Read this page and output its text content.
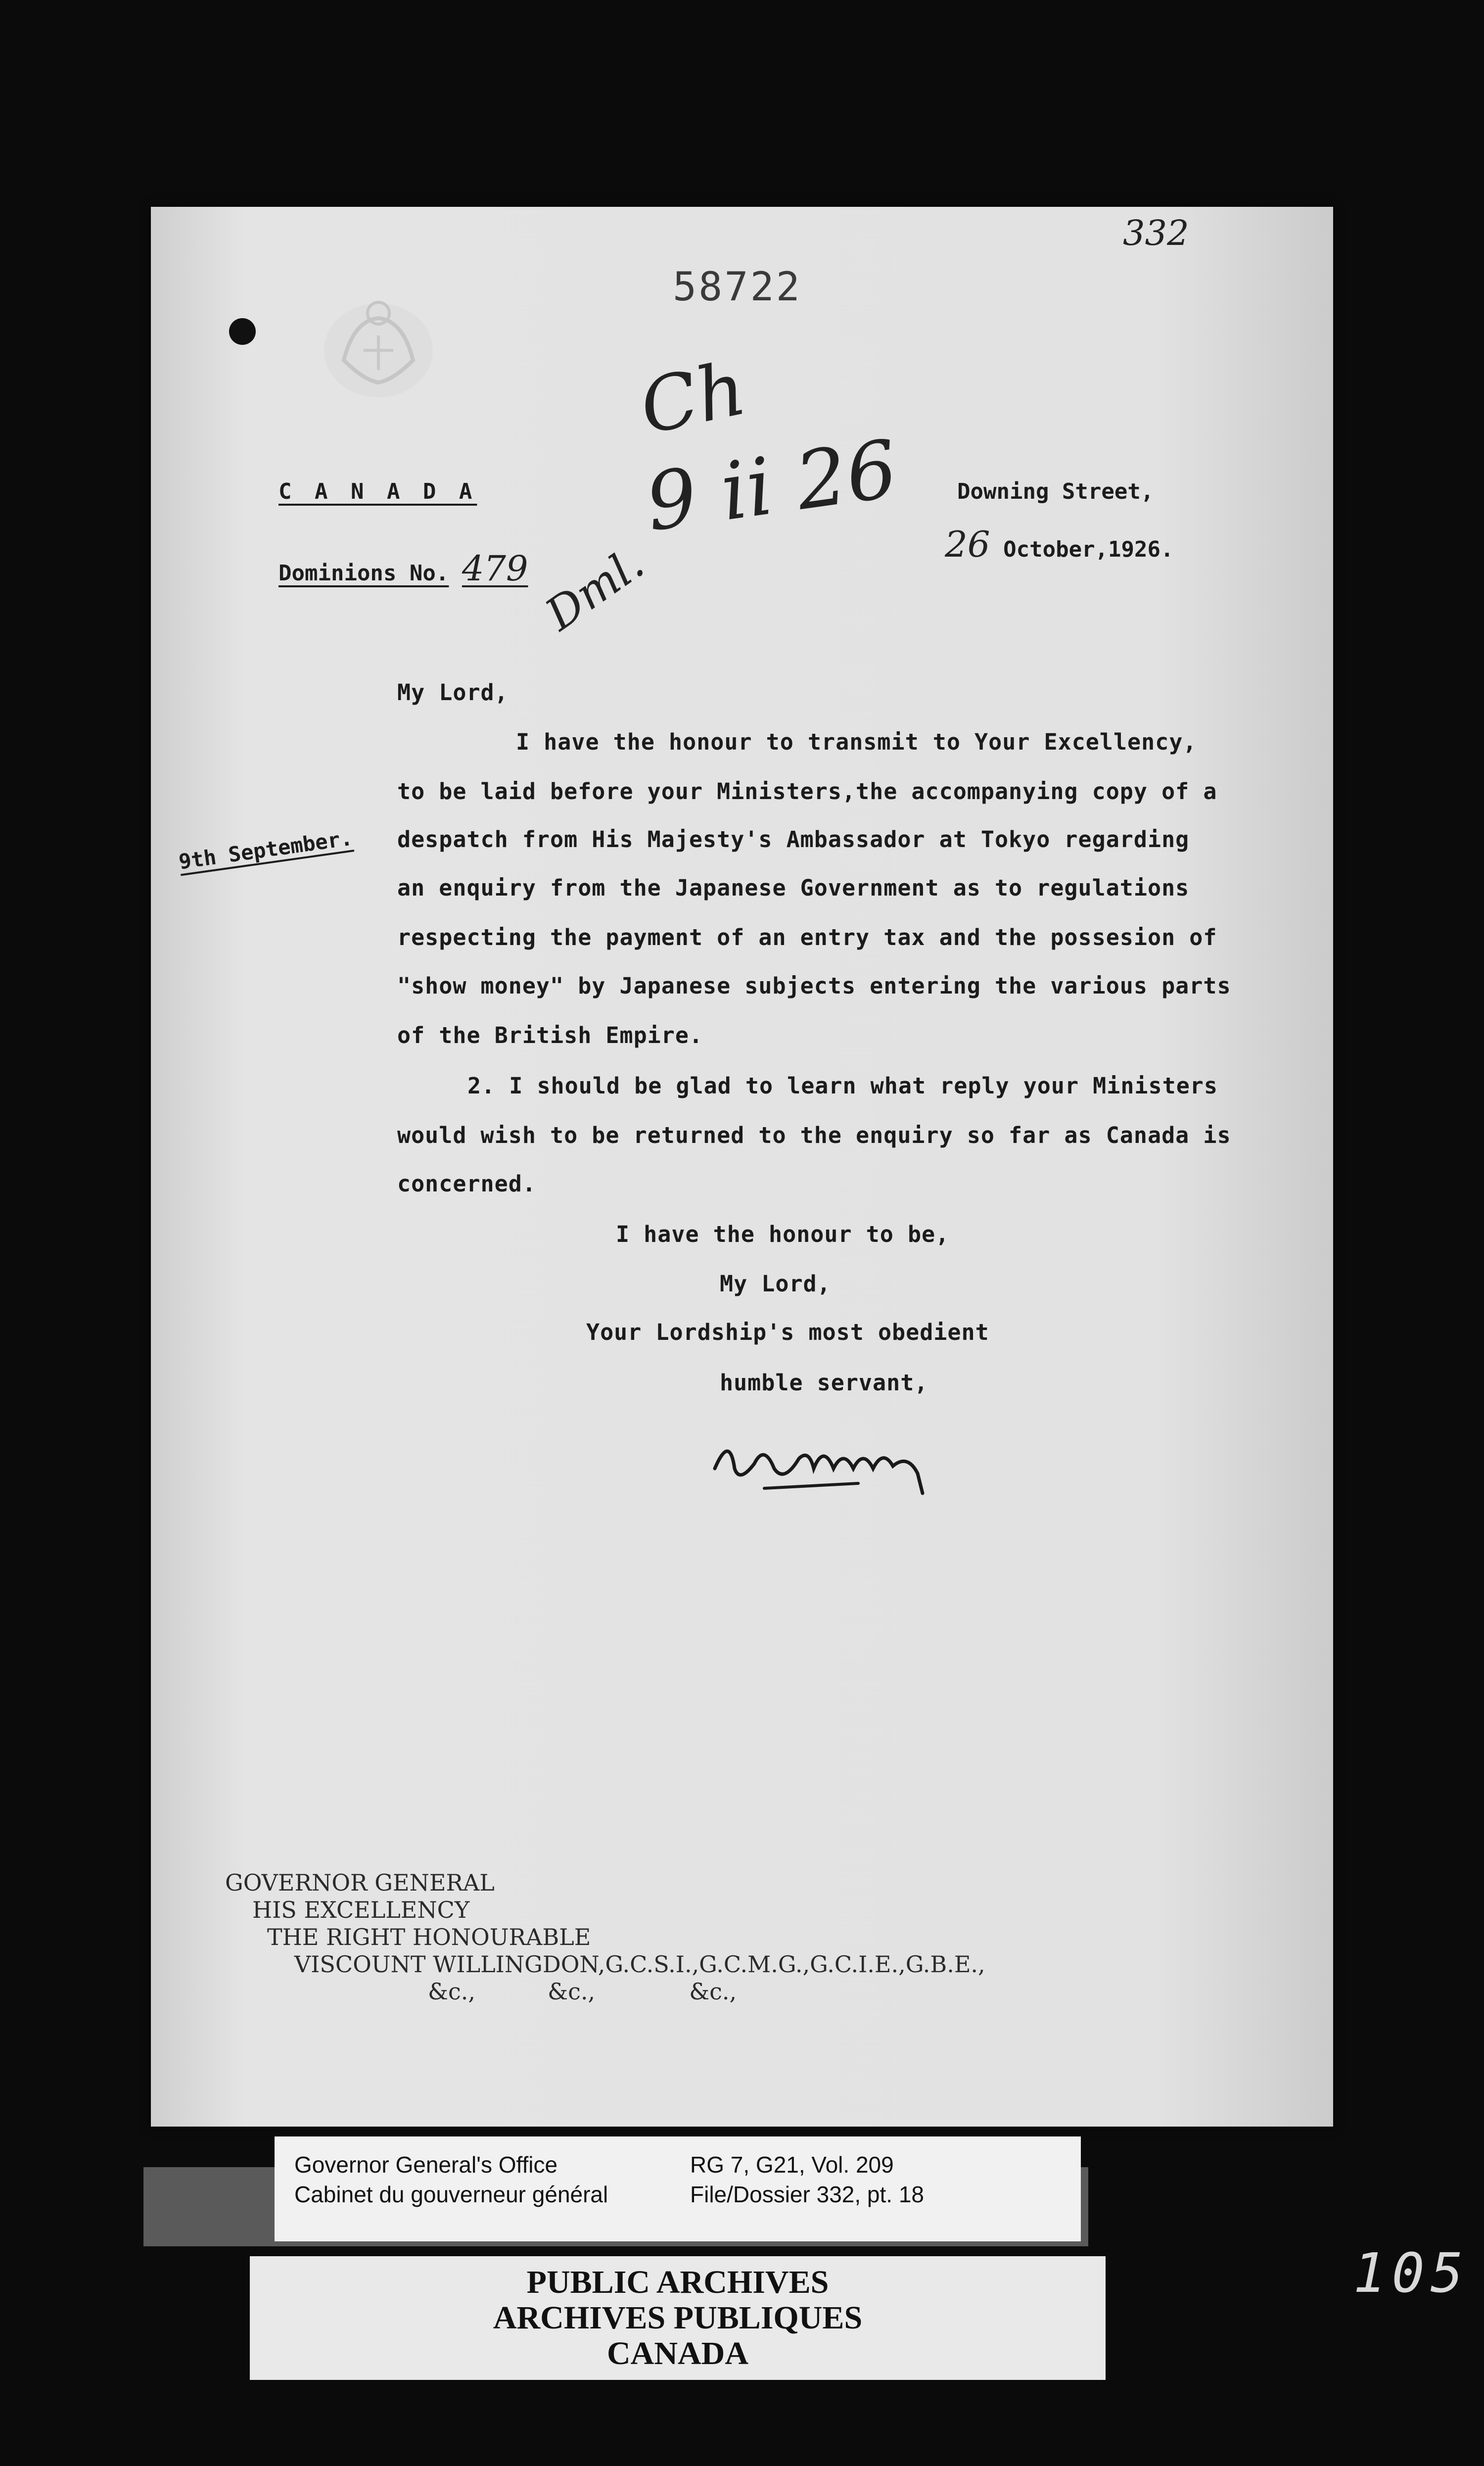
332
58722
Ch
9 ii 26
Dml.
C A N A D A
Dominions No. 479
Downing Street,
26 October,1926.
9th September.
My Lord,
I have the honour to transmit to Your Excellency,
to be laid before your Ministers,the accompanying copy of a
despatch from His Majesty's Ambassador at Tokyo regarding
an enquiry from the Japanese Government as to regulations
respecting the payment of an entry tax and the possesion of
"show money" by Japanese subjects entering the various parts
of the British Empire.
2. I should be glad to learn what reply your Ministers
would wish to be returned to the enquiry so far as Canada is
concerned.
I have the honour to be,
My Lord,
Your Lordship's most obedient
humble servant,
GOVERNOR GENERAL
HIS EXCELLENCY
THE RIGHT HONOURABLE
VISCOUNT WILLINGDON,G.C.S.I.,G.C.M.G.,G.C.I.E.,G.B.E.,
&c.,          &c.,             &c.,
Governor General's Office
Cabinet du gouverneur général
RG 7, G21, Vol. 209
File/Dossier 332, pt. 18
PUBLIC ARCHIVES
ARCHIVES PUBLIQUES
CANADA
105
